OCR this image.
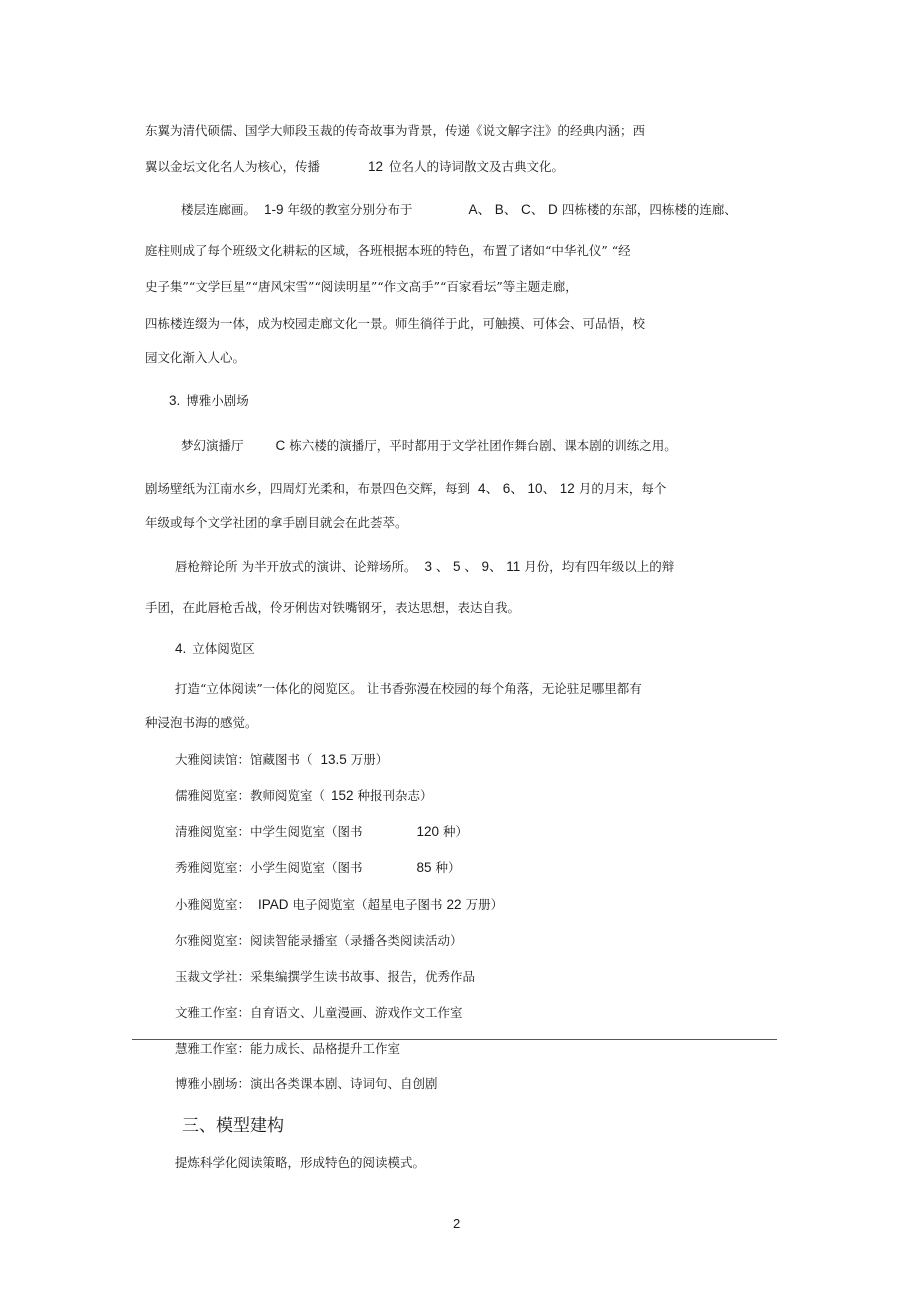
东翼为清代硕儒、国学大师段玉裁的传奇故事为背景，传递《说文解字注》的经典内涵；西
翼以金坛文化名人为核心，传播	12 位名人的诗词散文及古典文化。
楼层连廊画。 1-9 年级的教室分别分布于	A、 B、 C、 D 四栋楼的东部，四栋楼的连廊、
庭柱则成了每个班级文化耕耘的区域，各班根据本班的特色，布置了诸如“中华礼仪” “经
史子集”“文学巨星”“唐风宋雪”“阅读明星”“作文高手”“百家看坛”等主题走廊，
四栋楼连缀为一体，成为校园走廊文化一景。师生徜徉于此，可触摸、可体会、可品悟，校
园文化渐入人心。
3. 博雅小剧场
梦幻演播厅 C 栋六楼的演播厅，平时都用于文学社团作舞台剧、课本剧的训练之用。
剧场壁纸为江南水乡，四周灯光柔和，布景四色交辉，每到 4、 6、 10、 12 月的月末，每个
年级或每个文学社团的拿手剧目就会在此荟萃。
唇枪辩论所 为半开放式的演讲、论辩场所。 3 、 5 、 9、 11 月份，均有四年级以上的辩
手团，在此唇枪舌战，伶牙俐齿对铁嘴钢牙，表达思想，表达自我。
4. 立体阅览区
打造“立体阅读”一体化的阅览区。 让书香弥漫在校园的每个角落，无论驻足哪里都有
种浸泡书海的感觉。
大雅阅读馆：馆藏图书（ 13.5 万册）
儒雅阅览室：教师阅览室（ 152 种报刊杂志）
清雅阅览室：中学生阅览室（图书	120 种）
秀雅阅览室：小学生阅览室（图书	85 种）
小雅阅览室： IPAD 电子阅览室（超星电子图书 22 万册）
尔雅阅览室：阅读智能录播室（录播各类阅读活动）
玉裁文学社：采集编撰学生读书故事、报告，优秀作品
文雅工作室：自育语文、儿童漫画、游戏作文工作室
慧雅工作室：能力成长、品格提升工作室
博雅小剧场：演出各类课本剧、诗词句、自创剧
三、模型建构
提炼科学化阅读策略，形成特色的阅读模式。
2
